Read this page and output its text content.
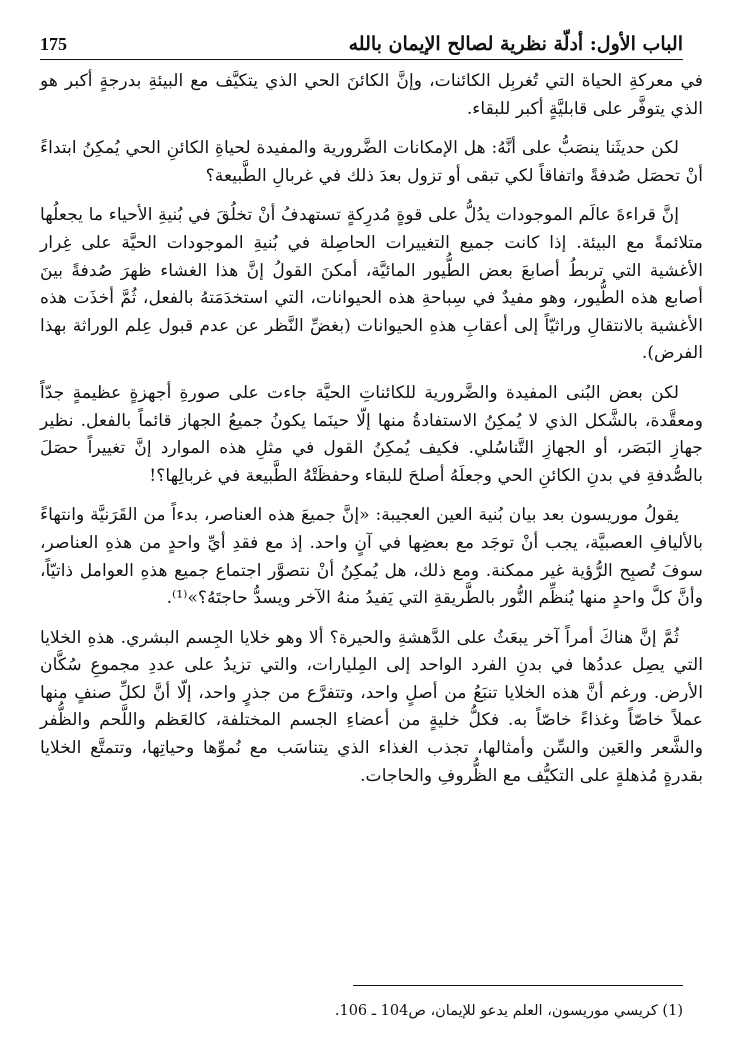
الباب الأول: أدلّة نظرية لصالح الإيمان بالله
175

في معركةِ الحياة التي تُغربِل الكائنات، وإنَّ الكائنَ الحي الذي يتكيَّف مع البيئةِ بدرجةٍ أكبر هو الذي يتوفَّر على قابليَّةٍ أكبر للبقاء.

لكن حديثَنا ينصَبُّ على أنَّهُ: هل الإمكانات الضَّرورية والمفيدة لحياةِ الكائنِ الحي يُمكِنُ ابتداءً أنْ تحصَل صُدفةً واتفاقاً لكي تبقى أو تزول بعدَ ذلك في غربالِ الطَّبيعة؟

إنَّ قراءةَ عالَم الموجودات يدُلُّ على قوةٍ مُدرِكةٍ تستهدفُ أنْ تخلُقَ في بُنيةِ الأحياء ما يجعلُها متلائمةً مع البيئة. إذا كانت جميع التغييرات الحاصِلة في بُنيةِ الموجودات الحيَّة على غِرار الأغشية التي تربطُ أصابعَ بعض الطُّيور المائيَّة، أمكنَ القولُ إنَّ هذا الغشاء ظهرَ صُدفةً بينَ أصابع هذه الطُّيور، وهو مفيدٌ في سِباحةِ هذه الحيوانات، التي استخدَمَتهُ بالفعل، ثُمَّ أخذَت هذه الأغشية بالانتقالِ وراثيّاً إلى أعقابِ هذهِ الحيوانات (بغضِّ النَّظر عن عدم قبول عِلم الوراثة بهذا الفرض).

لكن بعض البُنى المفيدة والضَّرورية للكائناتِ الحيَّة جاءت على صورةِ أجهزةٍ عظيمةٍ جدّاً ومعقَّدة، بالشَّكل الذي لا يُمكِنُ الاستفادةُ منها إلّا حينَما يكونُ جميعُ الجهاز قائماً بالفعل. نظير جهازِ البَصَر، أو الجهازِ التَّناسُلي. فكيف يُمكِنُ القول في مثلِ هذه الموارد إنَّ تغييراً حصَلَ بالصُّدفةِ في بدنِ الكائنِ الحي وجعلَهُ أصلحَ للبقاء وحفظَتْهُ الطَّبيعة في غربالِها؟!

يقولُ موريسون بعد بيان بُنية العين العجيبة: «إنَّ جميعَ هذه العناصر، بدءاً من القَرَنيَّة وانتهاءً بالأليافِ العصبيَّة، يجب أنْ توجَد مع بعضِها في آنٍ واحد. إذ مع فقدِ أيِّ واحدٍ من هذهِ العناصر، سوفَ تُصبِح الرُّؤية غير ممكنة. ومع ذلك، هل يُمكِنُ أنْ نتصوَّر اجتماع جميع هذهِ العوامل ذاتيّاً، وأنَّ كلَّ واحدٍ منها يُنظِّم النُّور بالطَّريقةِ التي يَفيدُ منهُ الآخر ويسدُّ حاجتَهُ؟»⁽¹⁾.

ثُمَّ إنَّ هناكَ أمراً آخر يبعَثُ على الدَّهشةِ والحيرة؟ ألا وهو خلايا الجِسم البشري. هذهِ الخلايا التي يصِل عددُها في بدنِ الفرد الواحد إلى المِليارات، والتي تزيدُ على عددِ مجموعِ سُكَّان الأرض. ورغم أنَّ هذه الخلايا تنبَعُ من أصلٍ واحد، وتتفرَّع من جذرٍ واحد، إلّا أنَّ لكلِّ صنفٍ منها عملاً خاصّاً وغذاءً خاصّاً به. فكلُّ خليةٍ من أعضاءِ الجسم المختلفة، كالعَظم واللَّحم والظُّفر والشَّعر والعَين والسِّن وأمثالها، تجذب الغذاء الذي يتناسَب مع نُموِّها وحياتِها، وتتمتَّع الخلايا بقدرةٍ مُذهلةٍ على التكيُّف مع الظُّروفِ والحاجات.

(1) كريسي موريسون، العلم يدعو للإيمان، ص104 ـ 106.
